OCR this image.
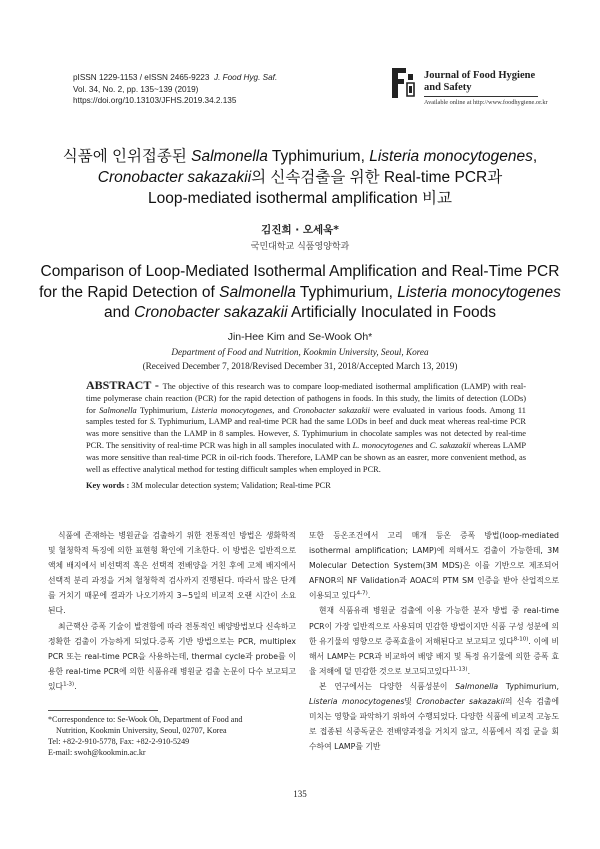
pISSN 1229-1153 / eISSN 2465-9223 J. Food Hyg. Saf.
Vol. 34, No. 2, pp. 135~139 (2019)
https://doi.org/10.13103/JFHS.2019.34.2.135
Journal of Food Hygiene
and Safety
Available online at http://www.foodhygiene.or.kr
식품에 인위접종된 Salmonella Typhimurium, Listeria monocytogenes,
Cronobacter sakazakii의 신속검출을 위한 Real-time PCR과
Loop-mediated isothermal amplification 비교
김진희 · 오세욱*
국민대학교 식품영양학과
Comparison of Loop-Mediated Isothermal Amplification and Real-Time PCR
for the Rapid Detection of Salmonella Typhimurium, Listeria monocytogenes
and Cronobacter sakazakii Artificially Inoculated in Foods
Jin-Hee Kim and Se-Wook Oh*
Department of Food and Nutrition, Kookmin University, Seoul, Korea
(Received December 7, 2018/Revised December 31, 2018/Accepted March 13, 2019)

ABSTRACT - The objective of this research was to compare loop-mediated isothermal amplification (LAMP) with real-time polymerase chain reaction (PCR) for the rapid detection of pathogens in foods. In this study, the limits of detection (LODs) for Salmonella Typhimurium, Listeria monocytogenes, and Cronobacter sakazakii were evaluated in various foods. Among 11 samples tested for S. Typhimurium, LAMP and real-time PCR had the same LODs in beef and duck meat whereas real-time PCR was more sensitive than the LAMP in 8 samples. However, S. Typhimurium in chocolate samples was not detected by real-time PCR. The sensitivity of real-time PCR was high in all samples inoculated with L. monocytogenes and C. sakazakii whereas LAMP was more sensitive than real-time PCR in oil-rich foods. Therefore, LAMP can be shown as an easrer, more convenient method, as well as effective analytical method for testing difficult samples when employed in PCR.

Key words : 3M molecular detection system; Validation; Real-time PCR

식품에 존재하는 병원균을 검출하기 위한 전통적인 방법은 생화학적 및 혈청학적 특징에 의한 표현형 확인에 기초한다. 이 방법은 일반적으로 액체 배지에서 비선택적 혹은 선택적 전배양을 거친 후에 고체 배지에서 선택적 분리 과정을 거쳐 혈청학적 검사까지 진행된다. 따라서 많은 단계를 거치기 때문에 결과가 나오기까지 3~5일의 비교적 오랜 시간이 소요된다.

최근핵산 증폭 기술이 발전함에 따라 전통적인 배양방법보다 신속하고 정확한 검출이 가능하게 되었다.증폭 기반 방법으로는 PCR, multiplex PCR 또는 real-time PCR을 사용하는데, thermal cycle과 probe를 이용한 real-time PCR에 의한 식품유래 병원균 검출 논문이 다수 보고되고 있다$^{1-3)}$.

또한 등온조건에서 고리 매개 등온 증폭 방법(loop-mediated isothermal amplification; LAMP)에 의해서도 검출이 가능한데, 3M Molecular Detection System(3M MDS)은 이를 기반으로 제조되어AFNOR의 NF Validation과 AOAC의 PTM SM 인증을 받아 산업적으로 이용되고 있다$^{4-7)}$.

현재 식품유래 병원균 검출에 이용 가능한 분자 방법 중 real-time PCR이 가장 일반적으로 사용되며 민감한 방법이지만 식품 구성 성분에 의한 유기물의 영향으로 증폭효율이 저해된다고 보고되고 있다$^{8-10)}$. 이에 비해서 LAMP는 PCR과 비교하여 배양 배지 및 특정 유기물에 의한 증폭 효율 저해에 덜 민감한 것으로 보고되고있다$^{11-13)}$.

본 연구에서는 다양한 식품성분이 Salmonella Typhimurium, Listeria monocytogenes및 Cronobacter sakazakii의 신속 검출에 미치는 영향을 파악하기 위하여 수행되었다. 다양한 식품에 비교적 고농도로 접종된 식중독균은 전배양과정을 거치지 않고, 식품에서 직접 균을 회수하여 LAMP를 기반

*Correspondence to: Se-Wook Oh, Department of Food and
Nutrition, Kookmin University, Seoul, 02707, Korea
Tel: +82-2-910-5778, Fax: +82-2-910-5249
E-mail: swoh@kookmin.ac.kr
135
